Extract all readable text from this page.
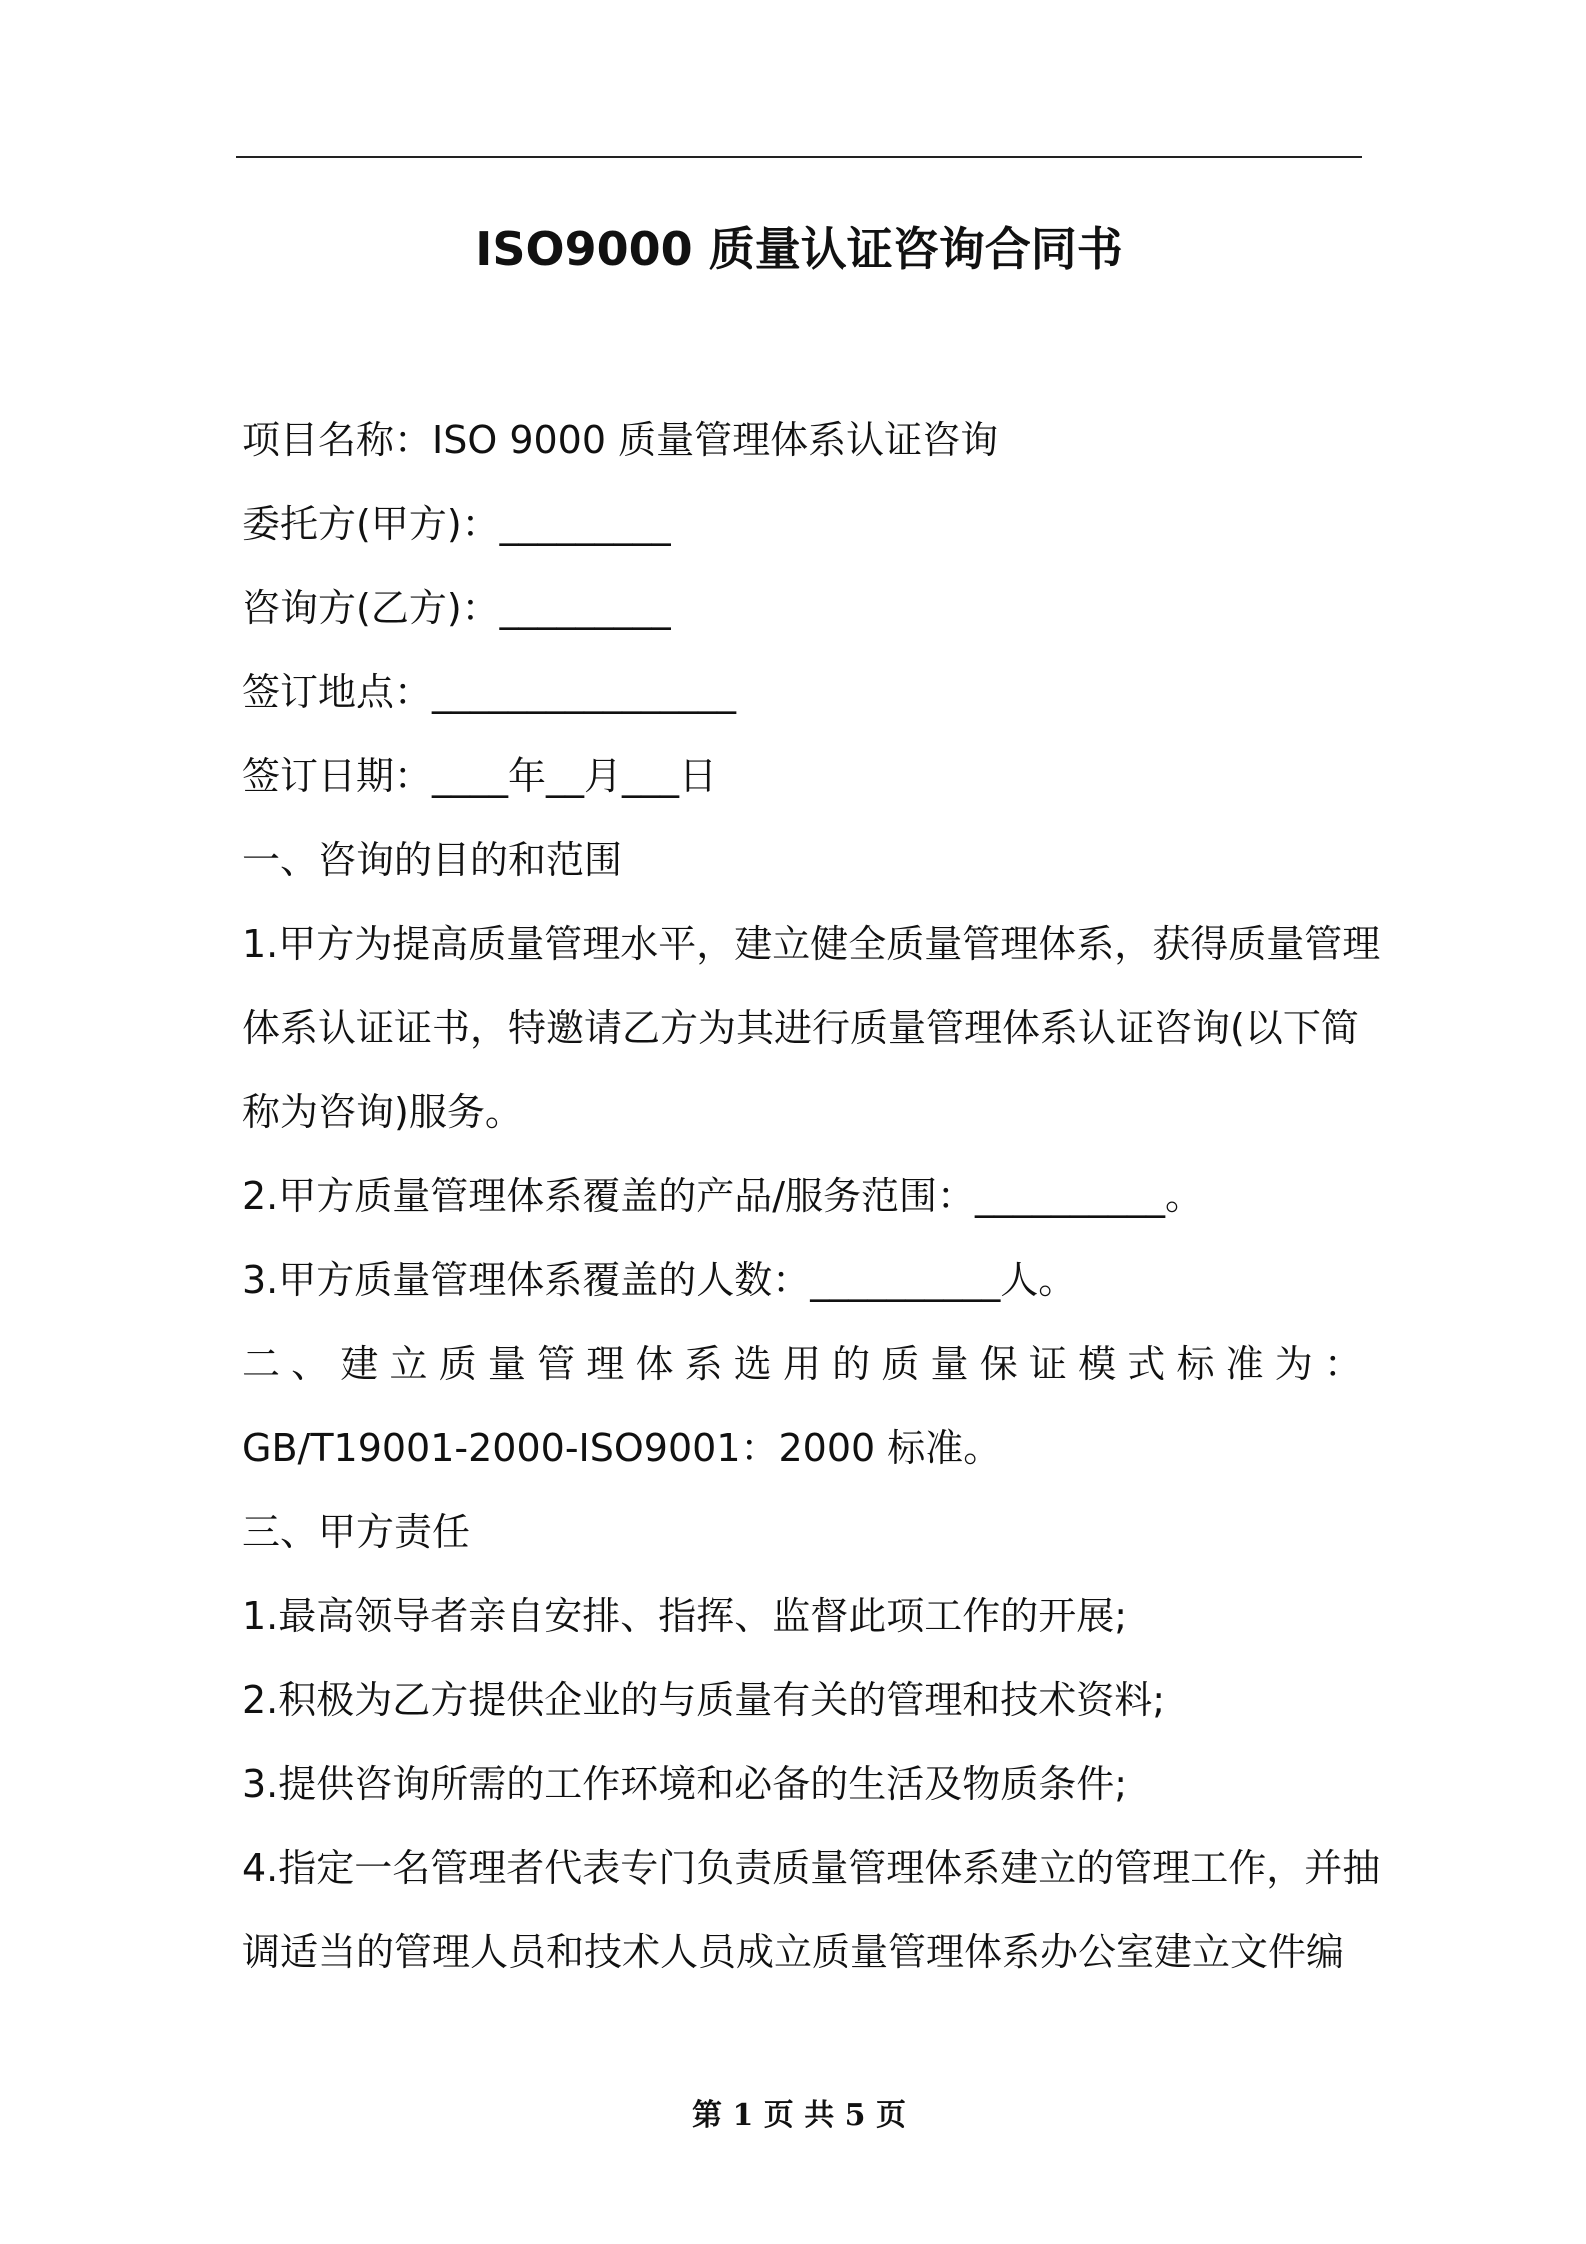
ISO9000 质量认证咨询合同书
项目名称：ISO 9000 质量管理体系认证咨询
委托方(甲方)：_________
咨询方(乙方)：_________
签订地点：________________
签订日期：____年__月___日
一、咨询的目的和范围
1.甲方为提高质量管理水平，建立健全质量管理体系，获得质量管理
体系认证证书，特邀请乙方为其进行质量管理体系认证咨询(以下简
称为咨询)服务。
2.甲方质量管理体系覆盖的产品/服务范围：__________。
3.甲方质量管理体系覆盖的人数：__________人。
二、建立质量管理体系选用的质量保证模式标准为：
GB/T19001-2000-ISO9001：2000 标准。
三、甲方责任
1.最高领导者亲自安排、指挥、监督此项工作的开展;
2.积极为乙方提供企业的与质量有关的管理和技术资料;
3.提供咨询所需的工作环境和必备的生活及物质条件;
4.指定一名管理者代表专门负责质量管理体系建立的管理工作，并抽
调适当的管理人员和技术人员成立质量管理体系办公室建立文件编
第 1 页 共 5 页
